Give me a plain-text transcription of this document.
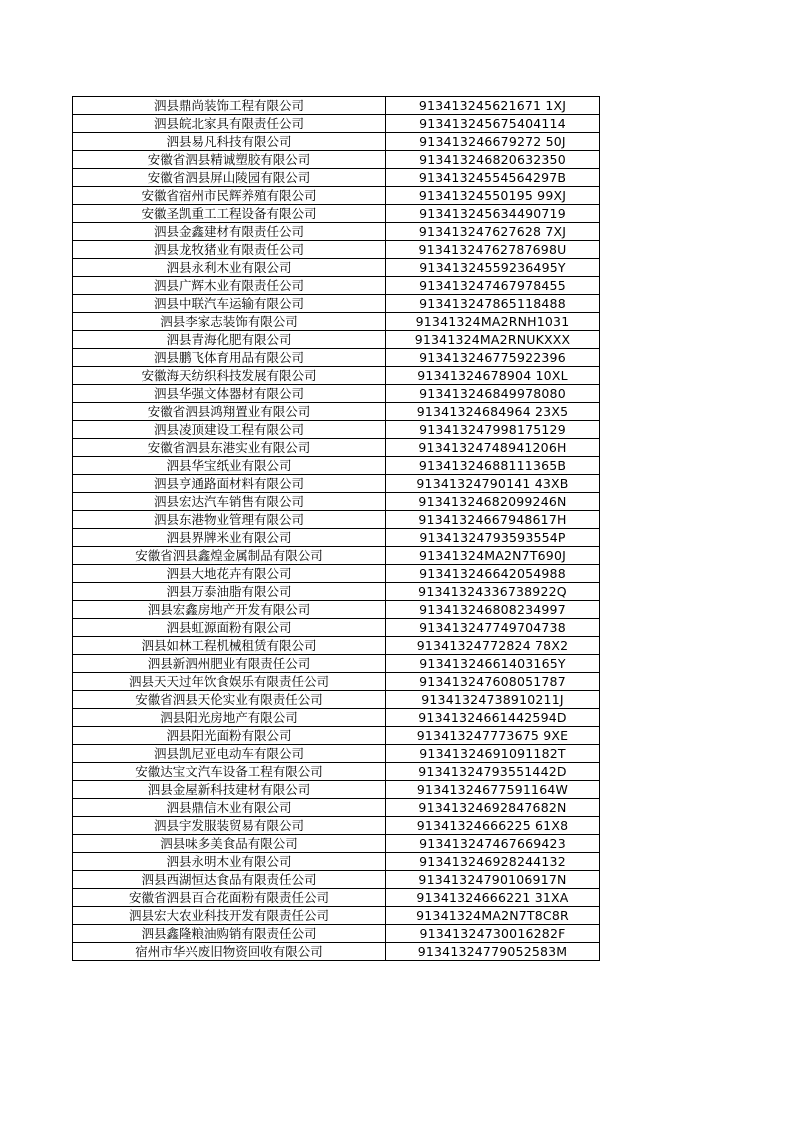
泗县鼎尚装饰工程有限公司	913413245621671 1XJ
泗县皖北家具有限责任公司	913413245675404114
泗县易凡科技有限公司	913413246679272 50J
安徽省泗县精诚塑胶有限公司	913413246820632350
安徽省泗县屏山陵园有限公司	91341324554564297B
安徽省宿州市民辉养殖有限公司	91341324550195 99XJ
安徽圣凯重工工程设备有限公司	913413245634490719
泗县金鑫建材有限责任公司	913413247627628 7XJ
泗县龙牧猪业有限责任公司	91341324762787698U
泗县永利木业有限公司	91341324559236495Y
泗县广辉木业有限责任公司	913413247467978455
泗县中联汽车运输有限公司	913413247865118488
泗县李家志装饰有限公司	91341324MA2RNH1031
泗县青海化肥有限公司	91341324MA2RNUKXXX
泗县鹏飞体育用品有限公司	913413246775922396
安徽海天纺织科技发展有限公司	91341324678904 10XL
泗县华强文体器材有限公司	913413246849978080
安徽省泗县鸿翔置业有限公司	91341324684964 23X5
泗县凌顶建设工程有限公司	913413247998175129
安徽省泗县东港实业有限公司	91341324748941206H
泗县华宝纸业有限公司	91341324688111365B
泗县亨通路面材料有限公司	91341324790141 43XB
泗县宏达汽车销售有限公司	91341324682099246N
泗县东港物业管理有限公司	91341324667948617H
泗县界牌米业有限公司	91341324793593554P
安徽省泗县鑫煌金属制品有限公司	91341324MA2N7T690J
泗县大地花卉有限公司	913413246642054988
泗县万泰油脂有限公司	91341324336738922Q
泗县宏鑫房地产开发有限公司	913413246808234997
泗县虹源面粉有限公司	913413247749704738
泗县如林工程机械租赁有限公司	91341324772824 78X2
泗县新泗州肥业有限责任公司	91341324661403165Y
泗县天天过年饮食娱乐有限责任公司	913413247608051787
安徽省泗县天伦实业有限责任公司	91341324738910211J
泗县阳光房地产有限公司	91341324661442594D
泗县阳光面粉有限公司	913413247773675 9XE
泗县凯尼亚电动车有限公司	91341324691091182T
安徽达宝文汽车设备工程有限公司	91341324793551442D
泗县金屋新科技建材有限公司	91341324677591164W
泗县鼎信木业有限公司	91341324692847682N
泗县宇发服装贸易有限公司	91341324666225 61X8
泗县味多美食品有限公司	913413247467669423
泗县永明木业有限公司	913413246928244132
泗县西湖恒达食品有限责任公司	91341324790106917N
安徽省泗县百合花面粉有限责任公司	91341324666221 31XA
泗县宏大农业科技开发有限责任公司	91341324MA2N7T8C8R
泗县鑫隆粮油购销有限责任公司	91341324730016282F
宿州市华兴废旧物资回收有限公司	91341324779052583M
